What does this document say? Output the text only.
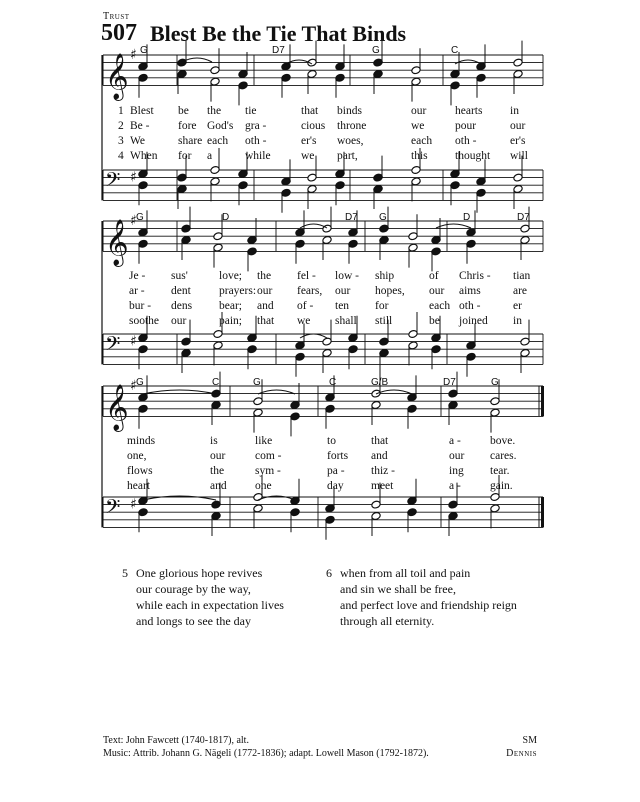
Trust
507 Blest Be the Tie That Binds
𝄞 ♯
𝄢 ♯
𝄞 ♯
𝄢 ♯
𝄞 ♯
𝄢 ♯
1 Blest be the tie	that binds	our hearts in
2 Be - fore God's gra -	cious throne	we	pour	our
3 We	share each oth -	er's woes,	each oth -	er's
4 When for a	while	we part,	this thought will
Je - sus'	love; the fel - low - ship	of Chris - tian
ar - dent prayers: our fears, our hopes, our aims	are
bur - dens bear; and of - ten for	each oth -	er
soothe our	pain; that we shall still	be joined in
minds	is	like	to	that	a -	bove.
one,	our	com -	forts and	our cares.
flows	the	sym -	pa - thiz -	ing tear.
heart	and one	day meet	a -	gain.
G	D7	G	C
G	D	D7 G	D	D7
G	C	G	C	G/B	D7	G
5 One glorious hope revives
our courage by the way,
while each in expectation lives
and longs to see the day
6 when from all toil and pain
and sin we shall be free,
and perfect love and friendship reign
through all eternity.
Text: John Fawcett (1740-1817), alt.
Music: Attrib. Johann G. Nägeli (1772-1836); adapt. Lowell Mason (1792-1872).
SM
Dennis
